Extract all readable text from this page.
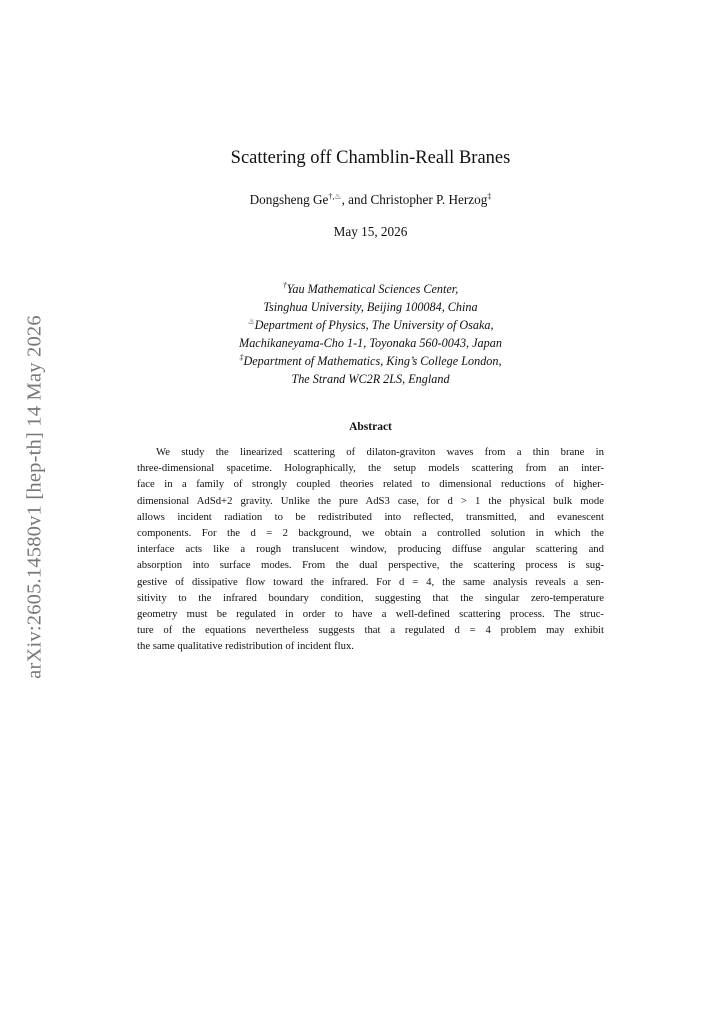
arXiv:2605.14580v1 [hep-th] 14 May 2026
Scattering off Chamblin-Reall Branes
Dongsheng Ge†,♨, and Christopher P. Herzog‡
May 15, 2026
†Yau Mathematical Sciences Center,
Tsinghua University, Beijing 100084, China
♨Department of Physics, The University of Osaka,
Machikaneyama-Cho 1-1, Toyonaka 560-0043, Japan
‡Department of Mathematics, King’s College London,
The Strand WC2R 2LS, England
Abstract
We study the linearized scattering of dilaton-graviton waves from a thin brane in
three-dimensional spacetime. Holographically, the setup models scattering from an inter-
face in a family of strongly coupled theories related to dimensional reductions of higher-
dimensional AdSd+2 gravity. Unlike the pure AdS3 case, for d > 1 the physical bulk mode
allows incident radiation to be redistributed into reflected, transmitted, and evanescent
components. For the d = 2 background, we obtain a controlled solution in which the
interface acts like a rough translucent window, producing diffuse angular scattering and
absorption into surface modes. From the dual perspective, the scattering process is sug-
gestive of dissipative flow toward the infrared. For d = 4, the same analysis reveals a sen-
sitivity to the infrared boundary condition, suggesting that the singular zero-temperature
geometry must be regulated in order to have a well-defined scattering process. The struc-
ture of the equations nevertheless suggests that a regulated d = 4 problem may exhibit
the same qualitative redistribution of incident flux.
